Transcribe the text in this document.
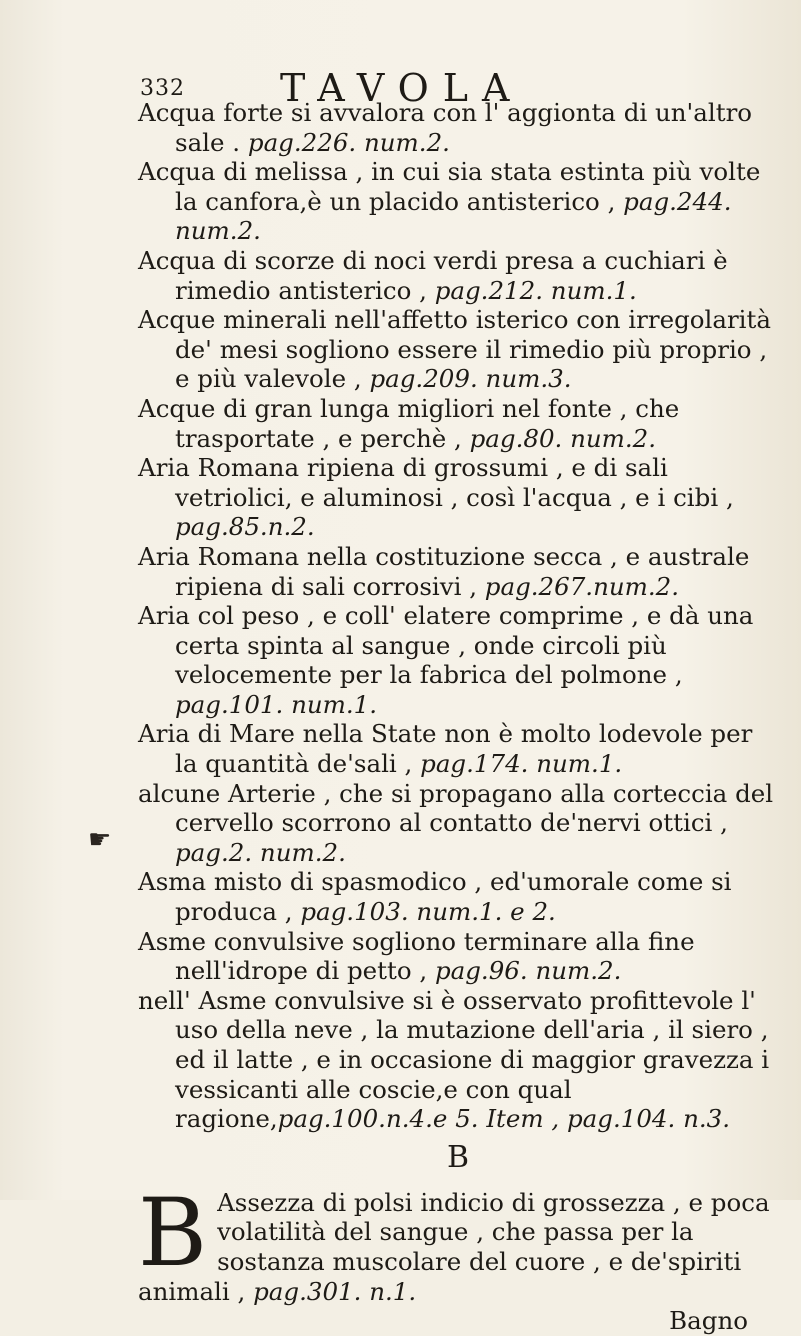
332	TAVOLA
☛

Acqua forte si avvalora con l' aggionta di un'altro sale . pag.226. num.2.

Acqua di melissa , in cui sia stata estinta più volte la canfora,è un placido antisterico , pag.244. num.2.

Acqua di scorze di noci verdi presa a cuchiari è rimedio antisterico , pag.212. num.1.

Acque minerali nell'affetto isterico con irregolarità de' mesi sogliono essere il rimedio più proprio , e più valevole , pag.209. num.3.

Acque di gran lunga migliori nel fonte , che trasportate , e perchè , pag.80. num.2.

Aria Romana ripiena di grossumi , e di sali vetriolici, e aluminosi , così l'acqua , e i cibi , pag.85.n.2.

Aria Romana nella costituzione secca , e australe ripiena di sali corrosivi , pag.267.num.2.

Aria col peso , e coll' elatere comprime , e dà una certa spinta al sangue , onde circoli più velocemente per la fabrica del polmone , pag.101. num.1.

Aria di Mare nella State non è molto lodevole per la quantità de'sali , pag.174. num.1.

alcune Arterie , che si propagano alla corteccia del cervello scorrono al contatto de'nervi ottici , pag.2. num.2.

Asma misto di spasmodico , ed'umorale come si produca , pag.103. num.1. e 2.

Asme convulsive sogliono terminare alla fine nell'idrope di petto , pag.96. num.2.

nell' Asme convulsive si è osservato profittevole l' uso della neve , la mutazione dell'aria , il siero , ed il latte , e in occasione di maggior gravezza i vessicanti alle coscie,e con qual ragione,pag.100.n.4.e 5. Item , pag.104. n.3.

B

B Assezza di polsi indicio di grossezza , e poca volatilità del sangue , che passa per la sostanza muscolare del cuore , e de'spiriti animali , pag.301. n.1.

Bagno
